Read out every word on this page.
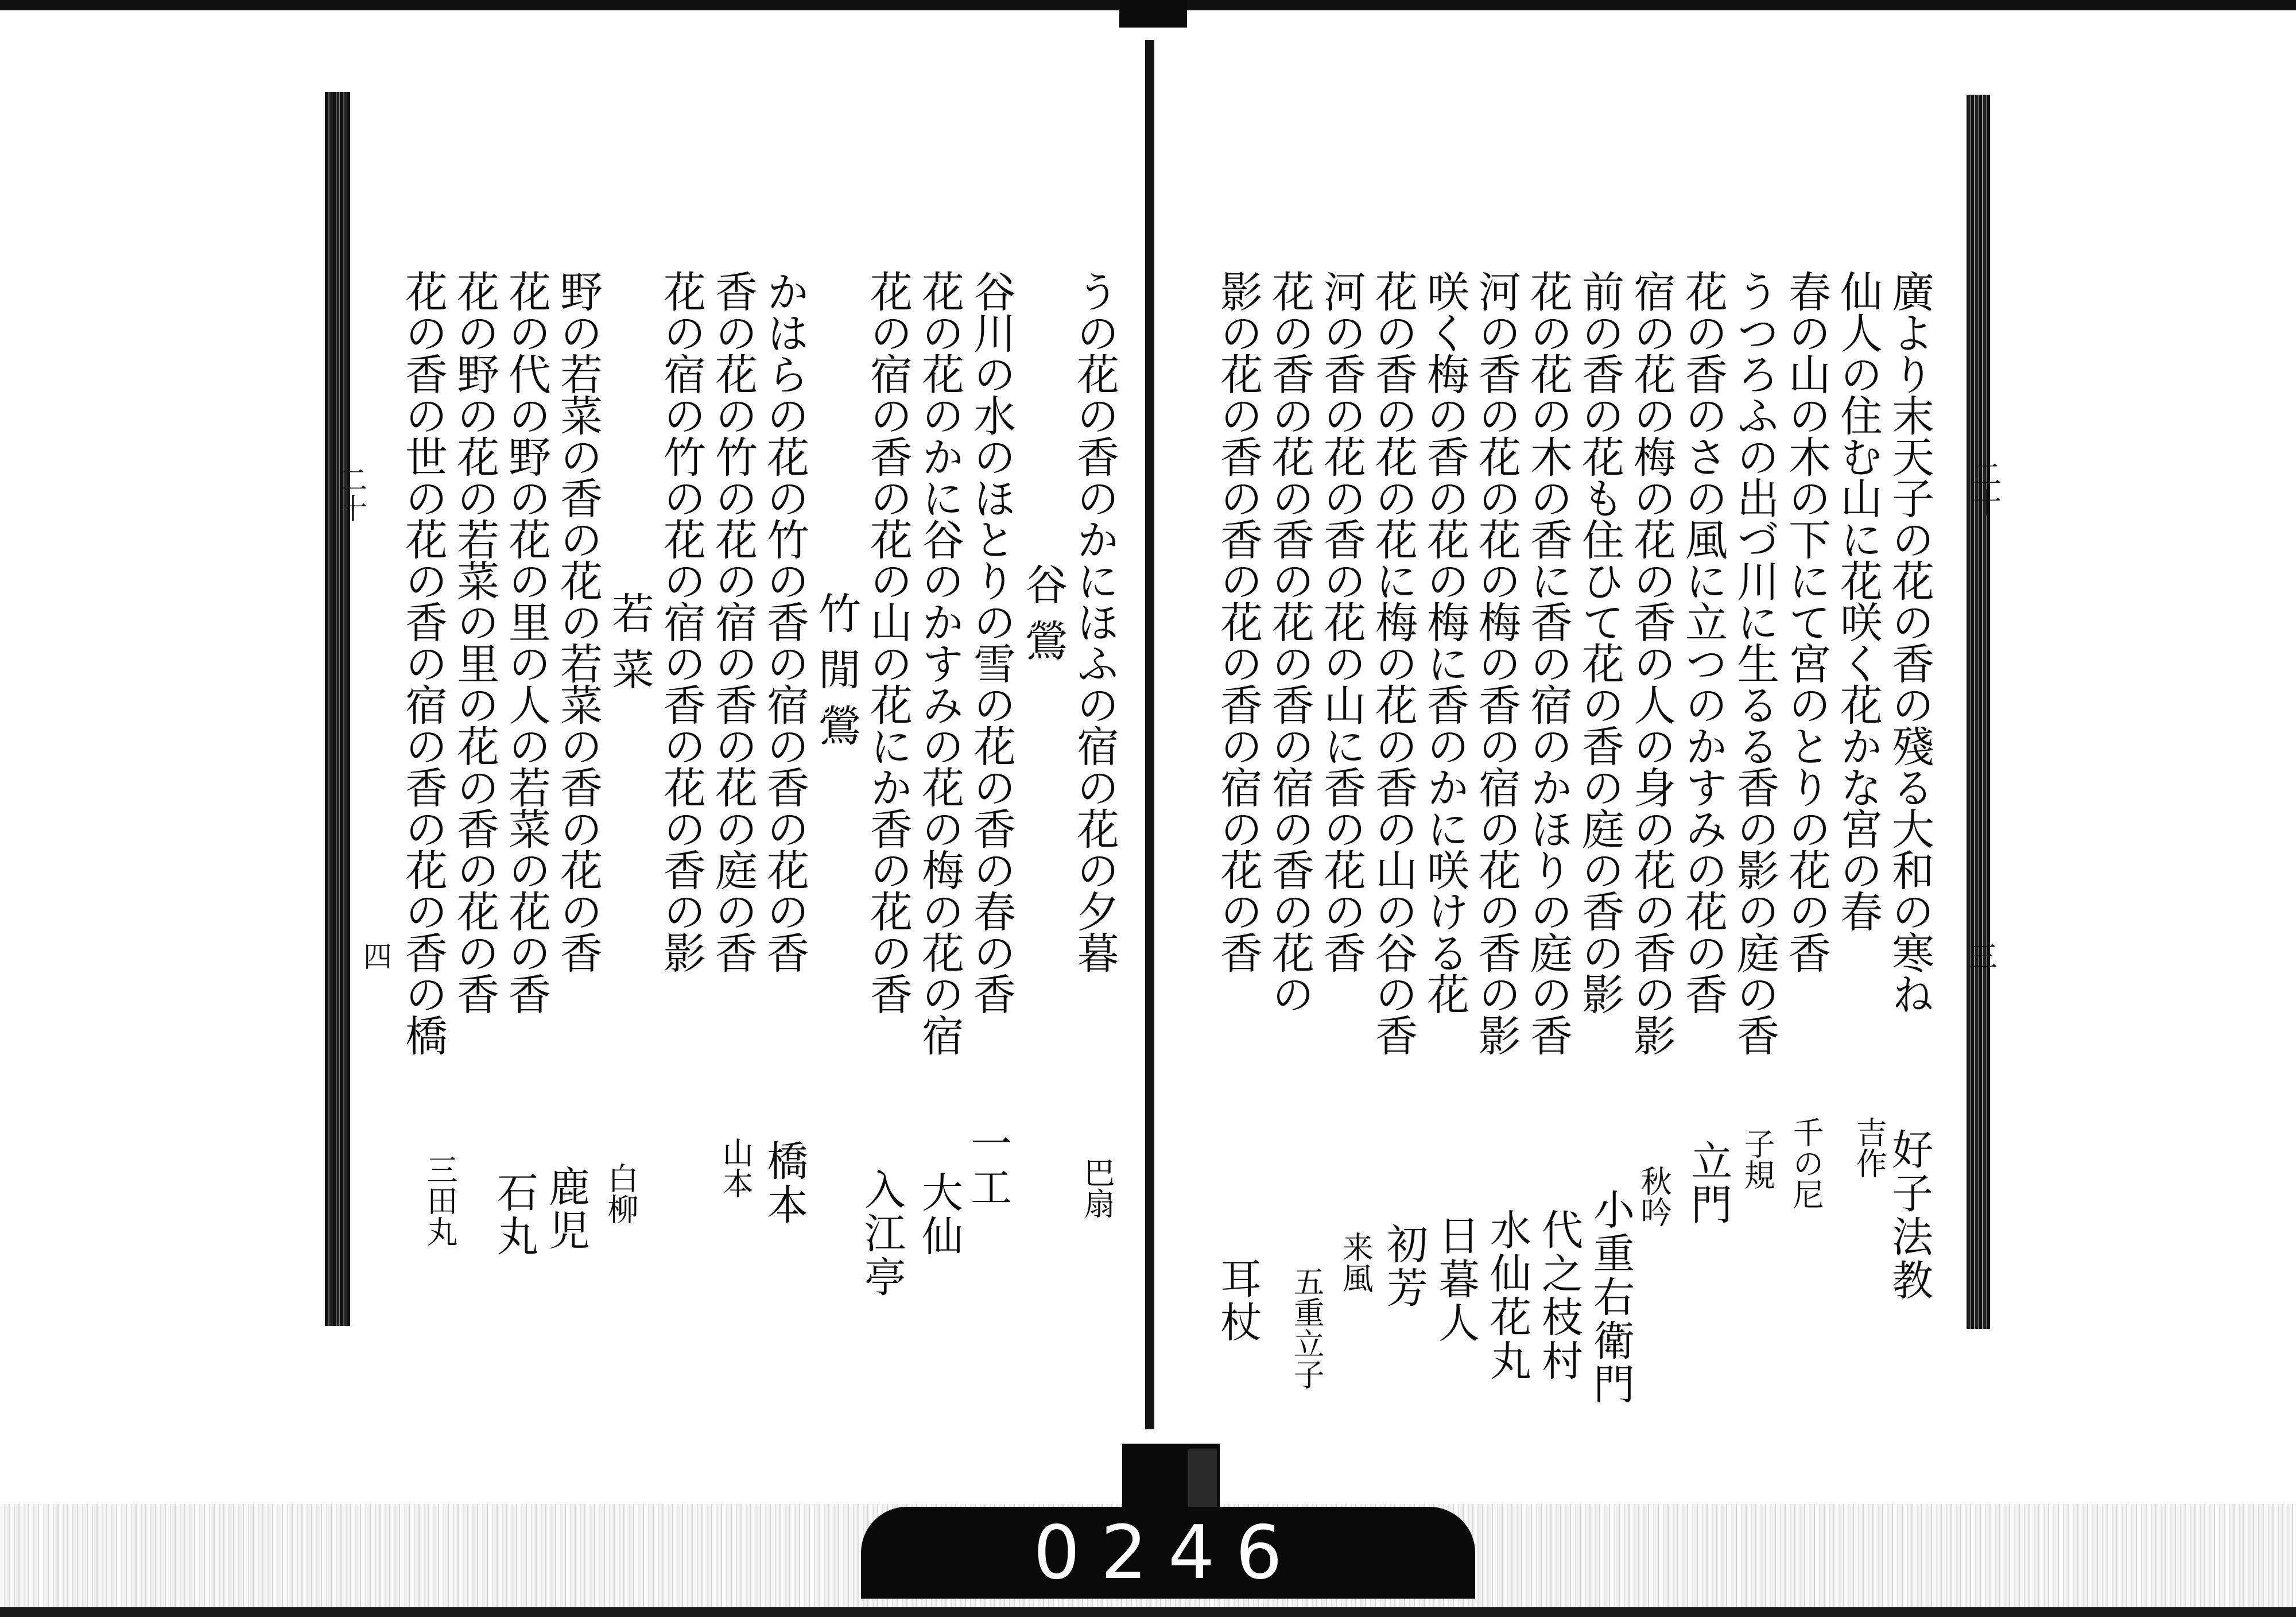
二十
四
二十
三
廣より末天子の花の香の殘る大和の寒ね
仙人の住む山に花咲く花かな宮の春
春の山の木の下にて宮のとりの花の香
うつろふの出づ川に生るる香の影の庭の香
花の香のさの風に立つのかすみの花の香
宿の花の梅の花の香の人の身の花の香の影
前の香の花も住ひて花の香の庭の香の影
花の花の木の香に香の宿のかほりの庭の香
河の香の花の花の梅の香の宿の花の香の影
咲く梅の香の花の梅に香のかに咲ける花
花の香の花の花に梅の花の香の山の谷の香
河の香の花の香の花の山に香の花の香
花の香の花の香の花の香の宿の香の花の
影の花の香の香の花の香の宿の花の香
好子法教
吉作
千の尼
子規
立門
秋吟
小重右衛門
代之枝村
水仙花丸
日暮人
初芳
来風
五重立子
耳杖
うの花の香のかにほふの宿の花の夕暮
谷鶯
谷川の水のほとりの雪の花の香の春の香
花の花のかに谷のかすみの花の梅の花の宿
花の宿の香の花の山の花にか香の花の香
竹閒鶯
かはらの花の竹の香の宿の香の花の香
香の花の竹の花の宿の香の花の庭の香
花の宿の竹の花の宿の香の花の香の影
若菜
野の若菜の香の花の若菜の香の花の香
花の代の野の花の里の人の若菜の花の香
花の野の花の若菜の里の花の香の花の香
花の香の世の花の香の宿の香の花の香の橋
巴扇
一工
大仙
入江亭
橋本
山本
白柳
鹿児
石丸
三田丸
0246
